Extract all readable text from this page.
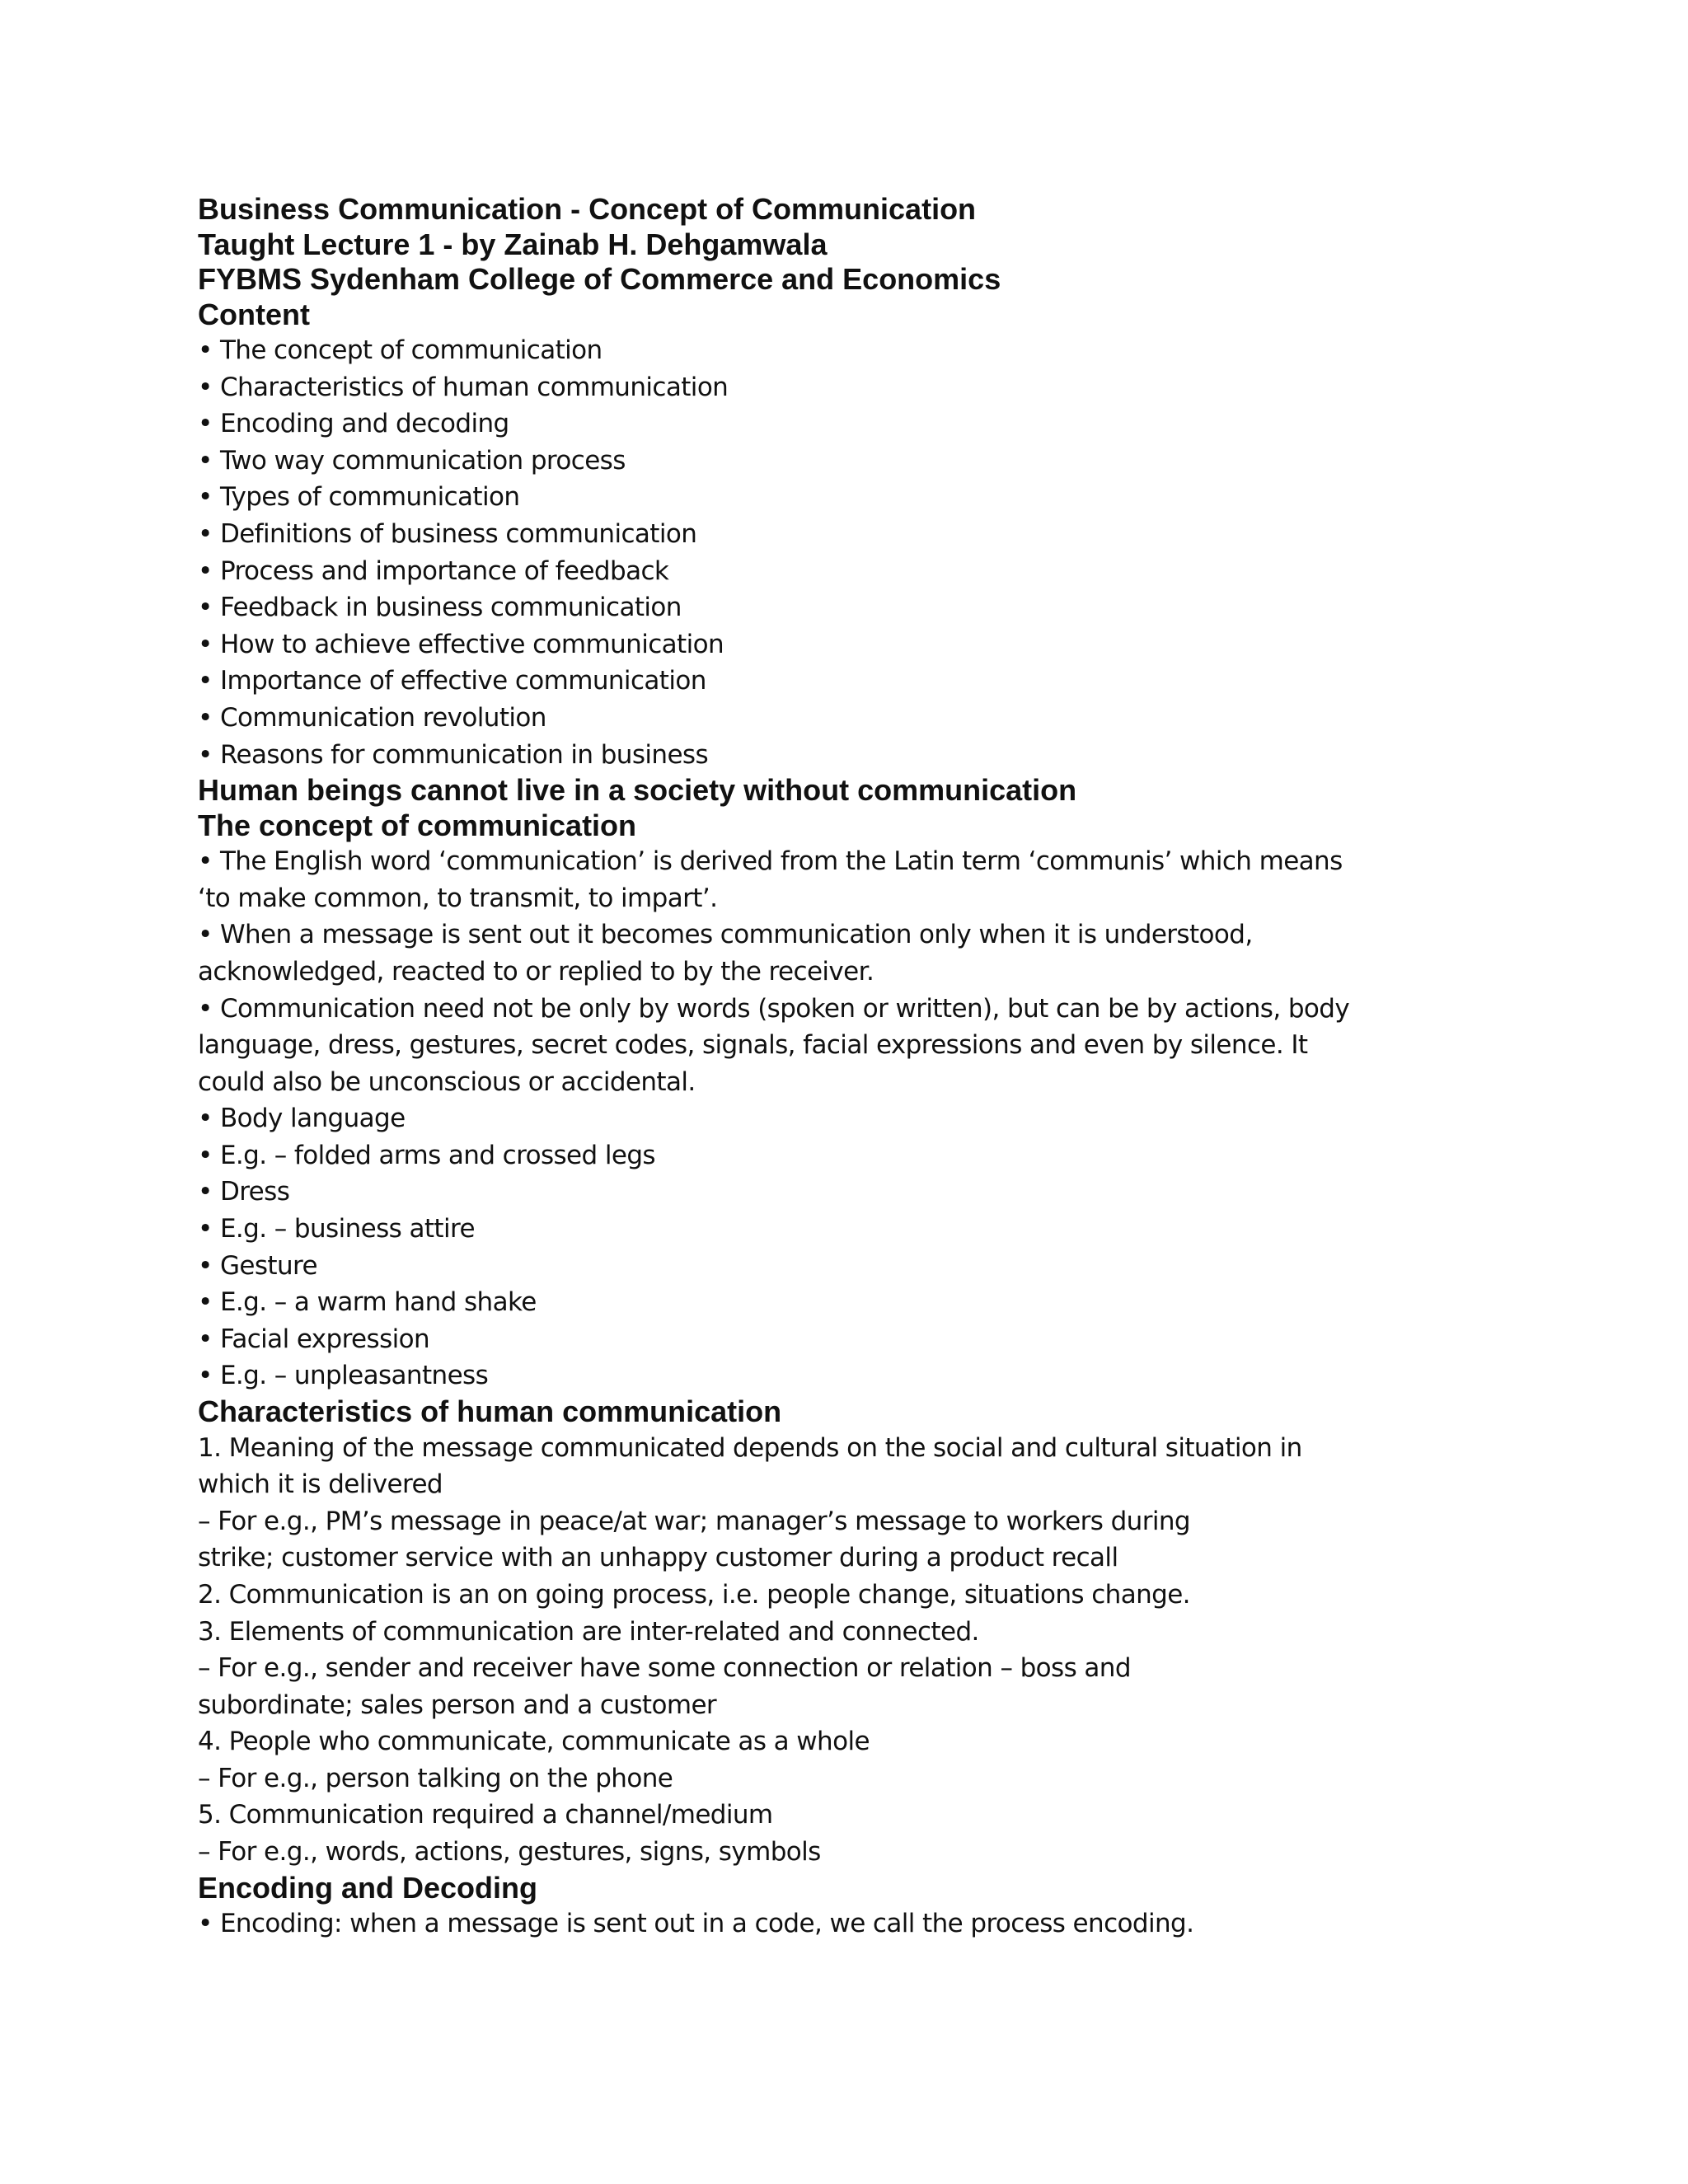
Business Communication - Concept of Communication
Taught Lecture 1 - by Zainab H. Dehgamwala
FYBMS Sydenham College of Commerce and Economics
Content
• The concept of communication
• Characteristics of human communication
• Encoding and decoding
• Two way communication process
• Types of communication
• Definitions of business communication
• Process and importance of feedback
• Feedback in business communication
• How to achieve effective communication
• Importance of effective communication
• Communication revolution
• Reasons for communication in business
Human beings cannot live in a society without communication
The concept of communication
• The English word ‘communication’ is derived from the Latin term ‘communis’ which means
‘to make common, to transmit, to impart’.
• When a message is sent out it becomes communication only when it is understood,
acknowledged, reacted to or replied to by the receiver.
• Communication need not be only by words (spoken or written), but can be by actions, body
language, dress, gestures, secret codes, signals, facial expressions and even by silence. It
could also be unconscious or accidental.
• Body language
• E.g. – folded arms and crossed legs
• Dress
• E.g. – business attire
• Gesture
• E.g. – a warm hand shake
• Facial expression
• E.g. – unpleasantness
Characteristics of human communication
1. Meaning of the message communicated depends on the social and cultural situation in
which it is delivered
– For e.g., PM’s message in peace/at war; manager’s message to workers during
strike; customer service with an unhappy customer during a product recall
2. Communication is an on going process, i.e. people change, situations change.
3. Elements of communication are inter-related and connected.
– For e.g., sender and receiver have some connection or relation – boss and
subordinate; sales person and a customer
4. People who communicate, communicate as a whole
– For e.g., person talking on the phone
5. Communication required a channel/medium
– For e.g., words, actions, gestures, signs, symbols
Encoding and Decoding
• Encoding: when a message is sent out in a code, we call the process encoding.
